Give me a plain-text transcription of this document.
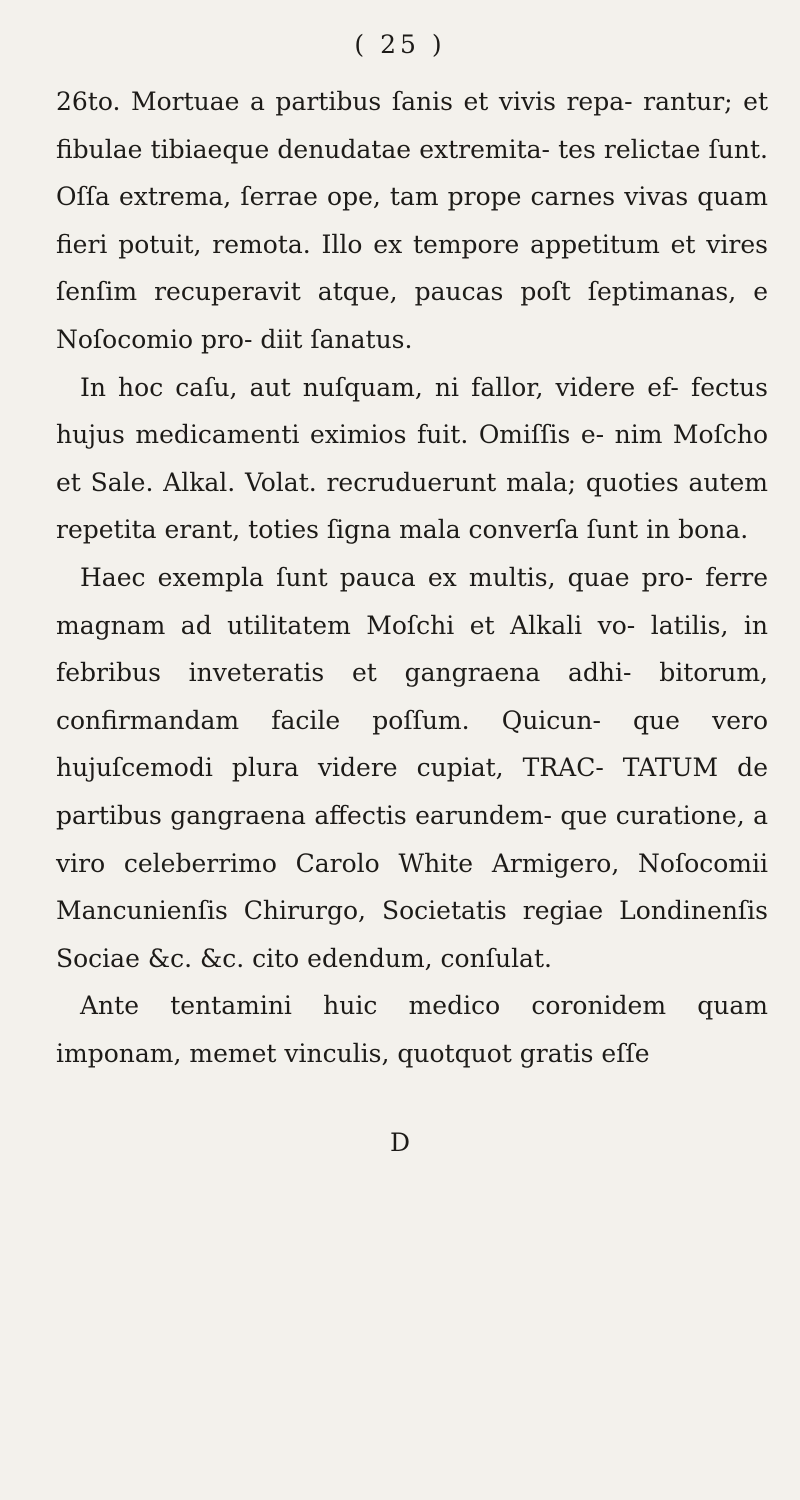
( 25 )

26to. Mortuae a partibus ſanis et vivis repa- rantur; et fibulae tibiaeque denudatae extremita- tes relictae ſunt. Oſſa extrema, ſerrae ope, tam prope carnes vivas quam fieri potuit, remota. Illo ex tempore appetitum et vires ſenſim recuperavit atque, paucas poſt ſeptimanas, e Noſocomio pro- diit ſanatus.

In hoc caſu, aut nuſquam, ni fallor, videre ef- fectus hujus medicamenti eximios fuit. Omiſſis e- nim Moſcho et Sale. Alkal. Volat. recruduerunt mala; quoties autem repetita erant, toties ſigna mala converſa ſunt in bona.

Haec exempla ſunt pauca ex multis, quae pro- ferre magnam ad utilitatem Moſchi et Alkali vo- latilis, in febribus inveteratis et gangraena adhi- bitorum, confirmandam facile poſſum. Quicun- que vero hujuſcemodi plura videre cupiat, TRAC- TATUM de partibus gangraena affectis earundem- que curatione, a viro celeberrimo Carolo White Armigero, Noſocomii Mancunienſis Chirurgo, Societatis regiae Londinenſis Sociae &c. &c. cito edendum, conſulat.

Ante tentamini huic medico coronidem quam imponam, memet vinculis, quotquot gratis eſſe

D
